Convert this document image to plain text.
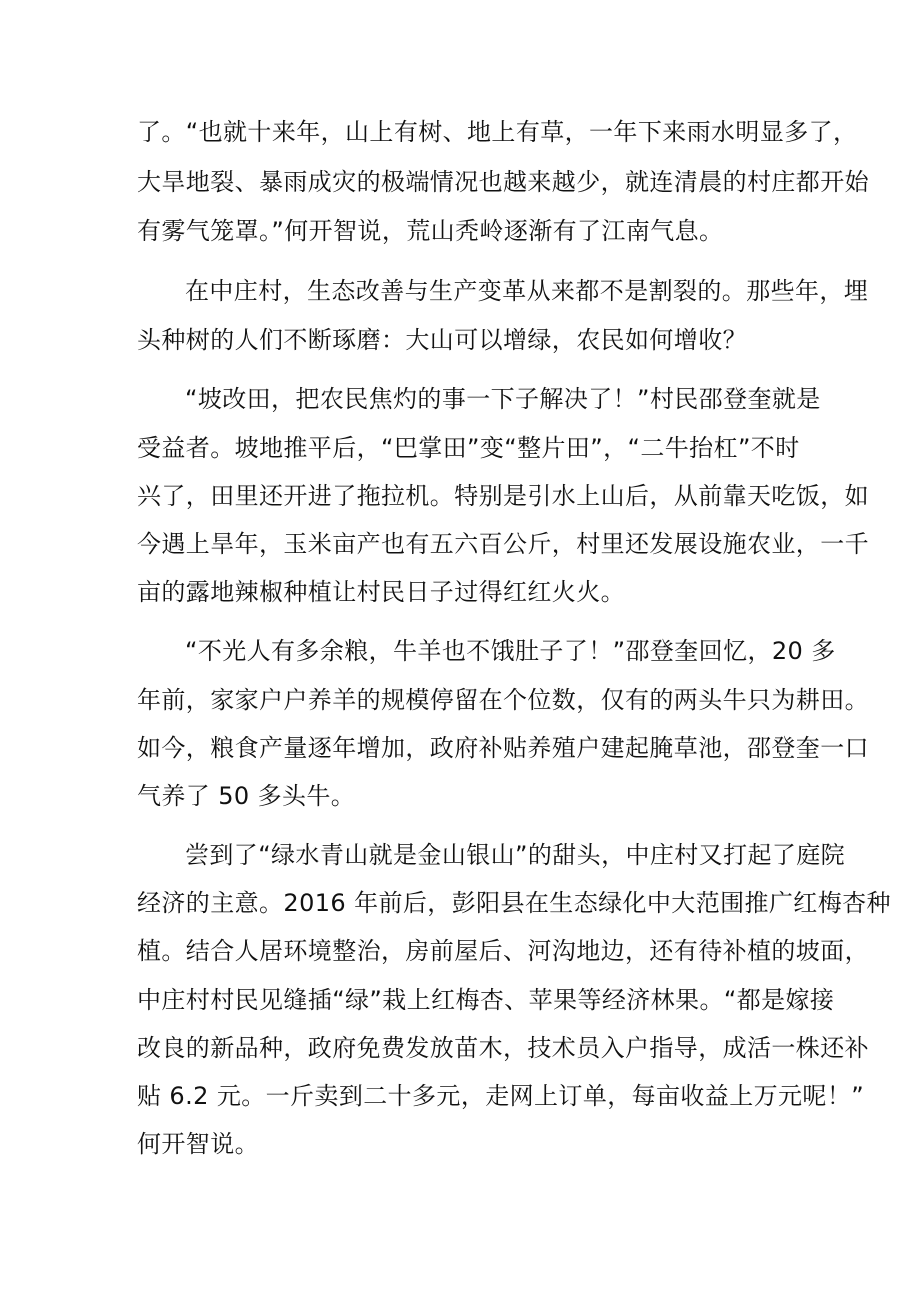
了。“也就十来年，山上有树、地上有草，一年下来雨水明显多了，

大旱地裂、暴雨成灾的极端情况也越来越少，就连清晨的村庄都开始

有雾气笼罩。”何开智说，荒山秃岭逐渐有了江南气息。

在中庄村，生态改善与生产变革从来都不是割裂的。那些年，埋

头种树的人们不断琢磨：大山可以增绿，农民如何增收？

“坡改田，把农民焦灼的事一下子解决了！”村民邵登奎就是

受益者。坡地推平后，“巴掌田”变“整片田”，“二牛抬杠”不时

兴了，田里还开进了拖拉机。特别是引水上山后，从前靠天吃饭，如

今遇上旱年，玉米亩产也有五六百公斤，村里还发展设施农业，一千

亩的露地辣椒种植让村民日子过得红红火火。

“不光人有多余粮，牛羊也不饿肚子了！”邵登奎回忆，20 多

年前，家家户户养羊的规模停留在个位数，仅有的两头牛只为耕田。

如今，粮食产量逐年增加，政府补贴养殖户建起腌草池，邵登奎一口

气养了 50 多头牛。

尝到了“绿水青山就是金山银山”的甜头，中庄村又打起了庭院

经济的主意。2016 年前后，彭阳县在生态绿化中大范围推广红梅杏种

植。结合人居环境整治，房前屋后、河沟地边，还有待补植的坡面，

中庄村村民见缝插“绿”栽上红梅杏、苹果等经济林果。“都是嫁接

改良的新品种，政府免费发放苗木，技术员入户指导，成活一株还补

贴 6.2 元。一斤卖到二十多元，走网上订单，每亩收益上万元呢！”

何开智说。
